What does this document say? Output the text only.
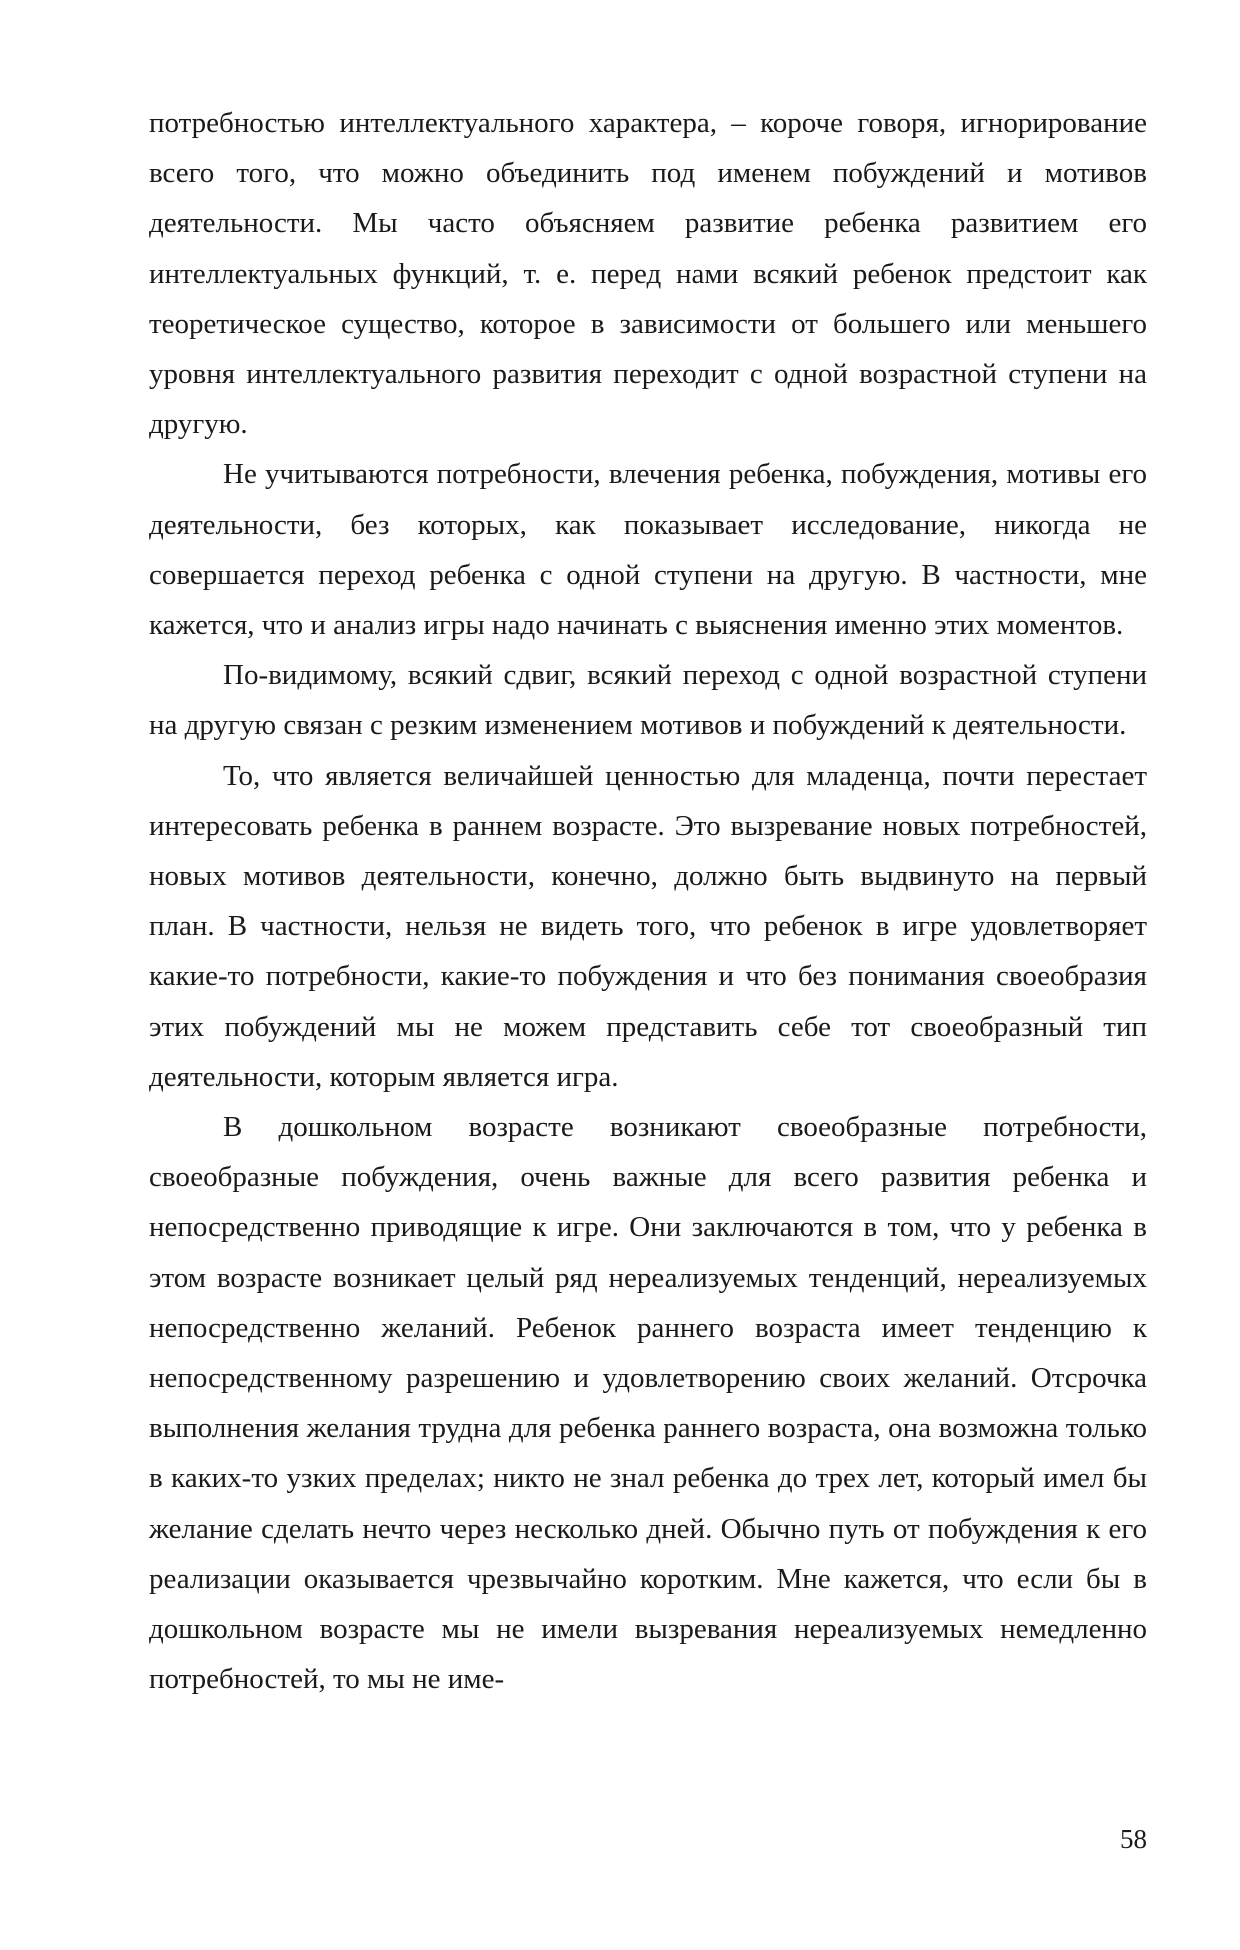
потребностью интеллектуального характера, – короче говоря, игнорирование всего того, что можно объединить под именем побуждений и мотивов деятельности. Мы часто объясняем развитие ребенка развитием его интеллектуальных функций, т. е. перед нами всякий ребенок предстоит как теоретическое существо, которое в зависимости от большего или меньшего уровня интеллектуального развития переходит с одной возрастной ступени на другую.

Не учитываются потребности, влечения ребенка, побуждения, мотивы его деятельности, без которых, как показывает исследование, никогда не совершается переход ребенка с одной ступени на другую. В частности, мне кажется, что и анализ игры надо начинать с выяснения именно этих моментов.

По-видимому, всякий сдвиг, всякий переход с одной возрастной ступени на другую связан с резким изменением мотивов и побуждений к деятельности.

То, что является величайшей ценностью для младенца, почти перестает интересовать ребенка в раннем возрасте. Это вызревание новых потребностей, новых мотивов деятельности, конечно, должно быть выдвинуто на первый план. В частности, нельзя не видеть того, что ребенок в игре удовлетворяет какие-то потребности, какие-то побуждения и что без понимания своеобразия этих побуждений мы не можем представить себе тот своеобразный тип деятельности, которым является игра.

В дошкольном возрасте возникают своеобразные потребности, своеобразные побуждения, очень важные для всего развития ребенка и непосредственно приводящие к игре. Они заключаются в том, что у ребенка в этом возрасте возникает целый ряд нереализуемых тенденций, нереализуемых непосредственно желаний. Ребенок раннего возраста имеет тенденцию к непосредственному разрешению и удовлетворению своих желаний. Отсрочка выполнения желания трудна для ребенка раннего возраста, она возможна только в каких-то узких пределах; никто не знал ребенка до трех лет, который имел бы желание сделать нечто через несколько дней. Обычно путь от побуждения к его реализации оказывается чрезвычайно коротким. Мне кажется, что если бы в дошкольном возрасте мы не имели вызревания нереализуемых немедленно потребностей, то мы не име-

58
